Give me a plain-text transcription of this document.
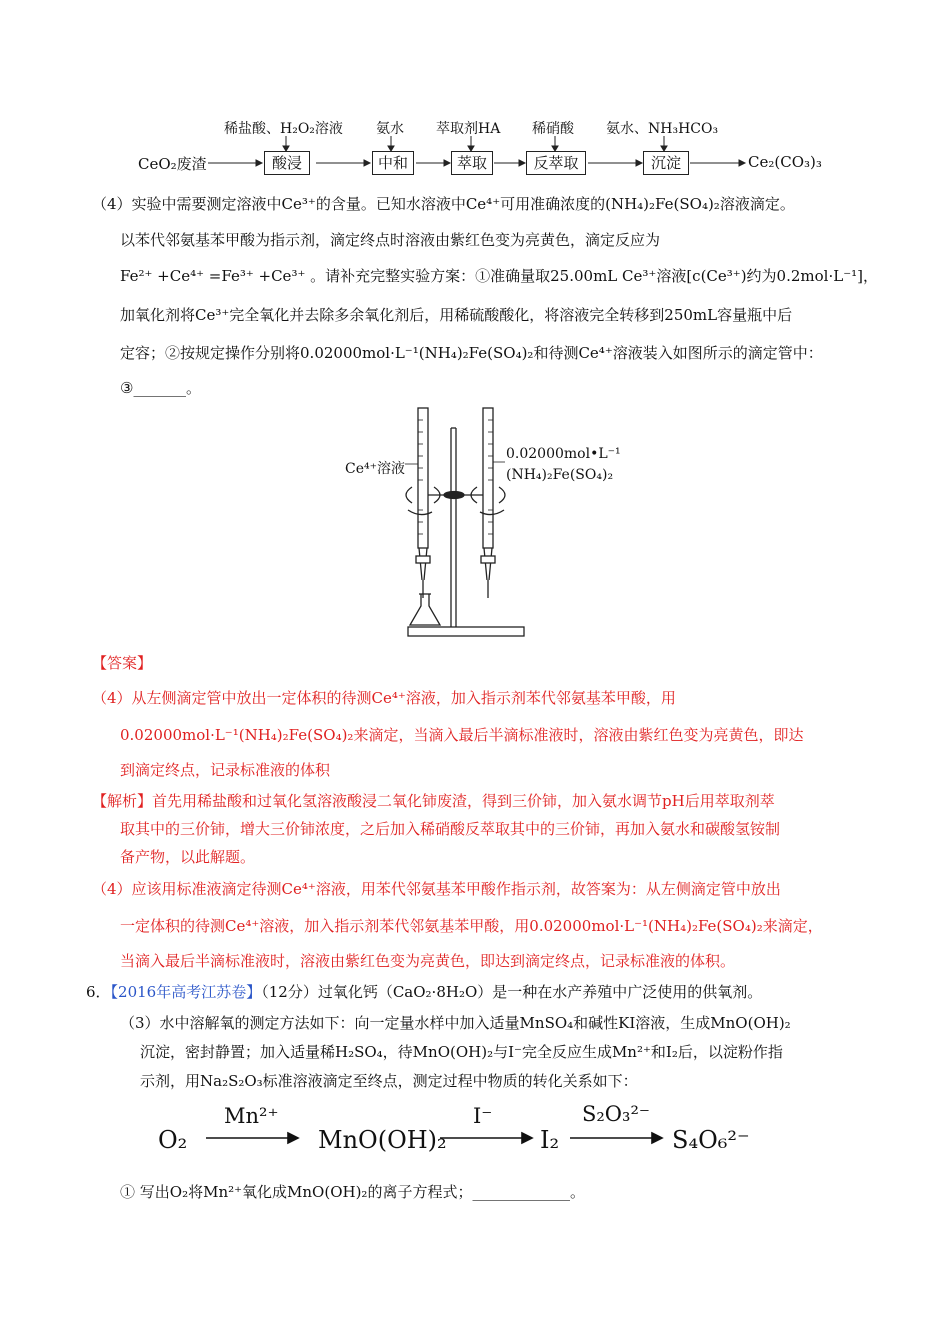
稀盐酸、H₂O₂溶液 氨水 萃取剂HA 稀硝酸 氨水、NH₃HCO₃
CeO₂废渣	酸浸	中和	萃取	反萃取	沉淀	Ce₂(CO₃)₃
（4）实验中需要测定溶液中Ce³⁺的含量。已知水溶液中Ce⁴⁺可用准确浓度的(NH₄)₂Fe(SO₄)₂溶液滴定。
以苯代邻氨基苯甲酸为指示剂，滴定终点时溶液由紫红色变为亮黄色，滴定反应为
Fe²⁺ +Ce⁴⁺ =Fe³⁺ +Ce³⁺ 。请补充完整实验方案：①准确量取25.00mL Ce³⁺溶液[c(Ce³⁺)约为0.2mol·L⁻¹]，
加氧化剂将Ce³⁺完全氧化并去除多余氧化剂后，用稀硫酸酸化，将溶液完全转移到250mL容量瓶中后
定容；②按规定操作分别将0.02000mol·L⁻¹(NH₄)₂Fe(SO₄)₂和待测Ce⁴⁺溶液装入如图所示的滴定管中：
③_______。
Ce⁴⁺溶液
0.02000mol•L⁻¹
(NH₄)₂Fe(SO₄)₂
【答案】
（4）从左侧滴定管中放出一定体积的待测Ce⁴⁺溶液，加入指示剂苯代邻氨基苯甲酸，用
0.02000mol·L⁻¹(NH₄)₂Fe(SO₄)₂来滴定，当滴入最后半滴标准液时，溶液由紫红色变为亮黄色，即达
到滴定终点，记录标准液的体积
【解析】首先用稀盐酸和过氧化氢溶液酸浸二氧化铈废渣，得到三价铈，加入氨水调节pH后用萃取剂萃
取其中的三价铈，增大三价铈浓度，之后加入稀硝酸反萃取其中的三价铈，再加入氨水和碳酸氢铵制
备产物，以此解题。
（4）应该用标准液滴定待测Ce⁴⁺溶液，用苯代邻氨基苯甲酸作指示剂，故答案为：从左侧滴定管中放出
一定体积的待测Ce⁴⁺溶液，加入指示剂苯代邻氨基苯甲酸，用0.02000mol·L⁻¹(NH₄)₂Fe(SO₄)₂来滴定，
当滴入最后半滴标准液时，溶液由紫红色变为亮黄色，即达到滴定终点，记录标准液的体积。
6．【2016年高考江苏卷】（12分）过氧化钙（CaO₂·8H₂O）是一种在水产养殖中广泛使用的供氧剂。
（3）水中溶解氧的测定方法如下：向一定量水样中加入适量MnSO₄和碱性KI溶液，生成MnO(OH)₂
沉淀，密封静置；加入适量稀H₂SO₄，待MnO(OH)₂与I⁻完全反应生成Mn²⁺和I₂后，以淀粉作指
示剂，用Na₂S₂O₃标准溶液滴定至终点，测定过程中物质的转化关系如下：
O₂
Mn²⁺
MnO(OH)₂
I⁻
I₂
S₂O₃²⁻
S₄O₆²⁻
① 写出O₂将Mn²⁺氧化成MnO(OH)₂的离子方程式；_____________。
